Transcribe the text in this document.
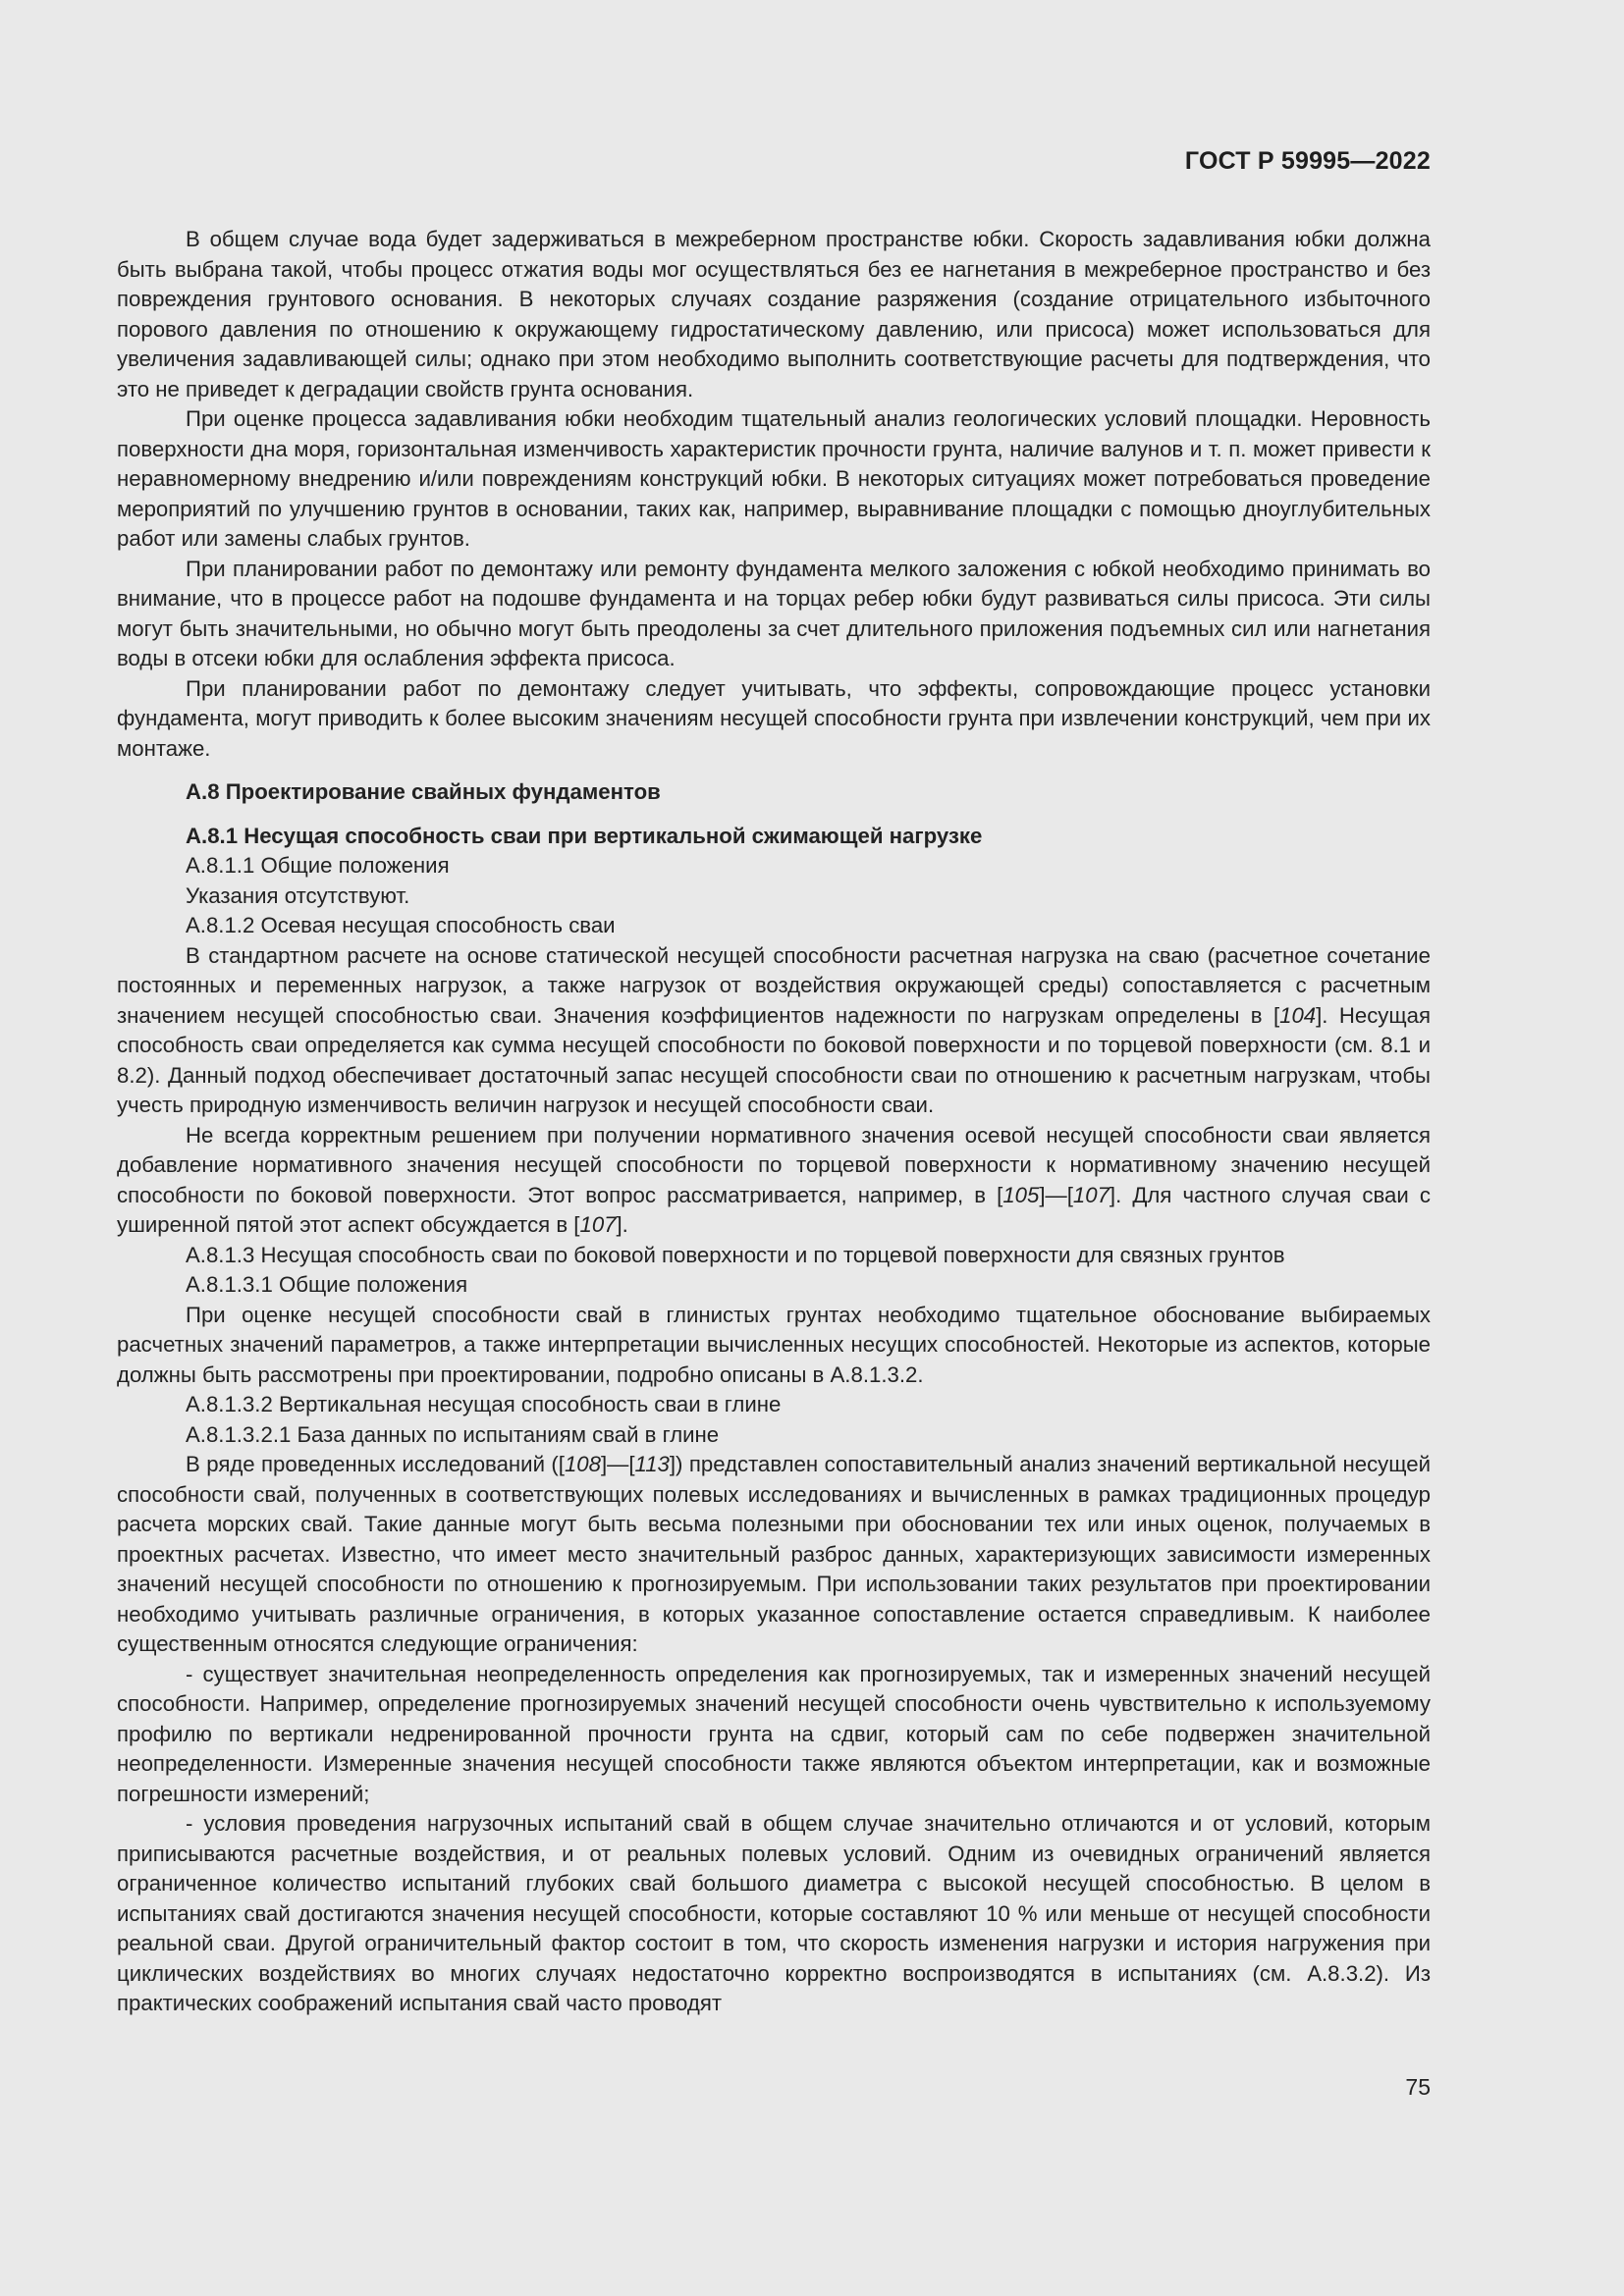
ГОСТ Р 59995—2022

В общем случае вода будет задерживаться в межреберном пространстве юбки. Скорость задавливания юбки должна быть выбрана такой, чтобы процесс отжатия воды мог осуществляться без ее нагнетания в межреберное пространство и без повреждения грунтового основания. В некоторых случаях создание разряжения (создание отрицательного избыточного порового давления по отношению к окружающему гидростатическому давлению, или присоса) может использоваться для увеличения задавливающей силы; однако при этом необходимо выполнить соответствующие расчеты для подтверждения, что это не приведет к деградации свойств грунта основания.

При оценке процесса задавливания юбки необходим тщательный анализ геологических условий площадки. Неровность поверхности дна моря, горизонтальная изменчивость характеристик прочности грунта, наличие валунов и т. п. может привести к неравномерному внедрению и/или повреждениям конструкций юбки. В некоторых ситуациях может потребоваться проведение мероприятий по улучшению грунтов в основании, таких как, например, выравнивание площадки с помощью дноуглубительных работ или замены слабых грунтов.

При планировании работ по демонтажу или ремонту фундамента мелкого заложения с юбкой необходимо принимать во внимание, что в процессе работ на подошве фундамента и на торцах ребер юбки будут развиваться силы присоса. Эти силы могут быть значительными, но обычно могут быть преодолены за счет длительного приложения подъемных сил или нагнетания воды в отсеки юбки для ослабления эффекта присоса.

При планировании работ по демонтажу следует учитывать, что эффекты, сопровождающие процесс установки фундамента, могут приводить к более высоким значениям несущей способности грунта при извлечении конструкций, чем при их монтаже.

А.8 Проектирование свайных фундаментов
А.8.1 Несущая способность сваи при вертикальной сжимающей нагрузке
А.8.1.1 Общие положения
Указания отсутствуют.
А.8.1.2 Осевая несущая способность сваи

В стандартном расчете на основе статической несущей способности расчетная нагрузка на сваю (расчетное сочетание постоянных и переменных нагрузок, а также нагрузок от воздействия окружающей среды) сопоставляется с расчетным значением несущей способностью сваи. Значения коэффициентов надежности по нагрузкам определены в [104]. Несущая способность сваи определяется как сумма несущей способности по боковой поверхности и по торцевой поверхности (см. 8.1 и 8.2). Данный подход обеспечивает достаточный запас несущей способности сваи по отношению к расчетным нагрузкам, чтобы учесть природную изменчивость величин нагрузок и несущей способности сваи.

Не всегда корректным решением при получении нормативного значения осевой несущей способности сваи является добавление нормативного значения несущей способности по торцевой поверхности к нормативному значению несущей способности по боковой поверхности. Этот вопрос рассматривается, например, в [105]—[107]. Для частного случая сваи с уширенной пятой этот аспект обсуждается в [107].

А.8.1.3 Несущая способность сваи по боковой поверхности и по торцевой поверхности для связных грунтов
А.8.1.3.1 Общие положения

При оценке несущей способности свай в глинистых грунтах необходимо тщательное обоснование выбираемых расчетных значений параметров, а также интерпретации вычисленных несущих способностей. Некоторые из аспектов, которые должны быть рассмотрены при проектировании, подробно описаны в А.8.1.3.2.

А.8.1.3.2 Вертикальная несущая способность сваи в глине
А.8.1.3.2.1 База данных по испытаниям свай в глине

В ряде проведенных исследований ([108]—[113]) представлен сопоставительный анализ значений вертикальной несущей способности свай, полученных в соответствующих полевых исследованиях и вычисленных в рамках традиционных процедур расчета морских свай. Такие данные могут быть весьма полезными при обосновании тех или иных оценок, получаемых в проектных расчетах. Известно, что имеет место значительный разброс данных, характеризующих зависимости измеренных значений несущей способности по отношению к прогнозируемым. При использовании таких результатов при проектировании необходимо учитывать различные ограничения, в которых указанное сопоставление остается справедливым. К наиболее существенным относятся следующие ограничения:

- существует значительная неопределенность определения как прогнозируемых, так и измеренных значений несущей способности. Например, определение прогнозируемых значений несущей способности очень чувствительно к используемому профилю по вертикали недренированной прочности грунта на сдвиг, который сам по себе подвержен значительной неопределенности. Измеренные значения несущей способности также являются объектом интерпретации, как и возможные погрешности измерений;

- условия проведения нагрузочных испытаний свай в общем случае значительно отличаются и от условий, которым приписываются расчетные воздействия, и от реальных полевых условий. Одним из очевидных ограничений является ограниченное количество испытаний глубоких свай большого диаметра с высокой несущей способностью. В целом в испытаниях свай достигаются значения несущей способности, которые составляют 10 % или меньше от несущей способности реальной сваи. Другой ограничительный фактор состоит в том, что скорость изменения нагрузки и история нагружения при циклических воздействиях во многих случаях недостаточно корректно воспроизводятся в испытаниях (см. А.8.3.2). Из практических соображений испытания свай часто проводят

75
